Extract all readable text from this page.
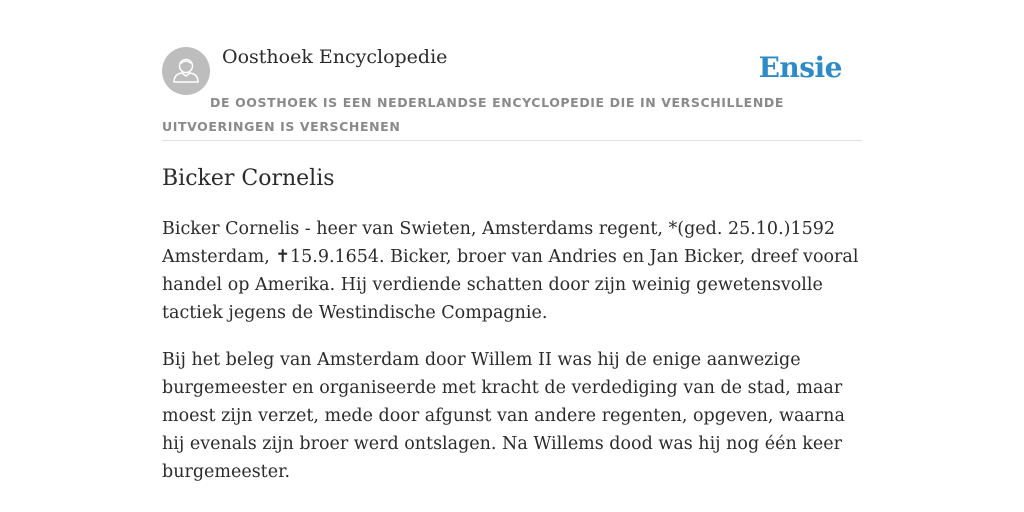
Oosthoek Encyclopedie	Ensie
DE OOSTHOEK IS EEN NEDERLANDSE ENCYCLOPEDIE DIE IN VERSCHILLENDE UITVOERINGEN IS VERSCHENEN
Bicker Cornelis

Bicker Cornelis - heer van Swieten, Amsterdams regent, *(ged. 25.10.)1592 Amsterdam, ✝15.9.1654. Bicker, broer van Andries en Jan Bicker, dreef vooral handel op Amerika. Hij verdiende schatten door zijn weinig gewetensvolle tactiek jegens de Westindische Compagnie.

Bij het beleg van Amsterdam door Willem II was hij de enige aanwezige burgemeester en organiseerde met kracht de verdediging van de stad, maar moest zijn verzet, mede door afgunst van andere regenten, opgeven, waarna hij evenals zijn broer werd ontslagen. Na Willems dood was hij nog één keer burgemeester.
